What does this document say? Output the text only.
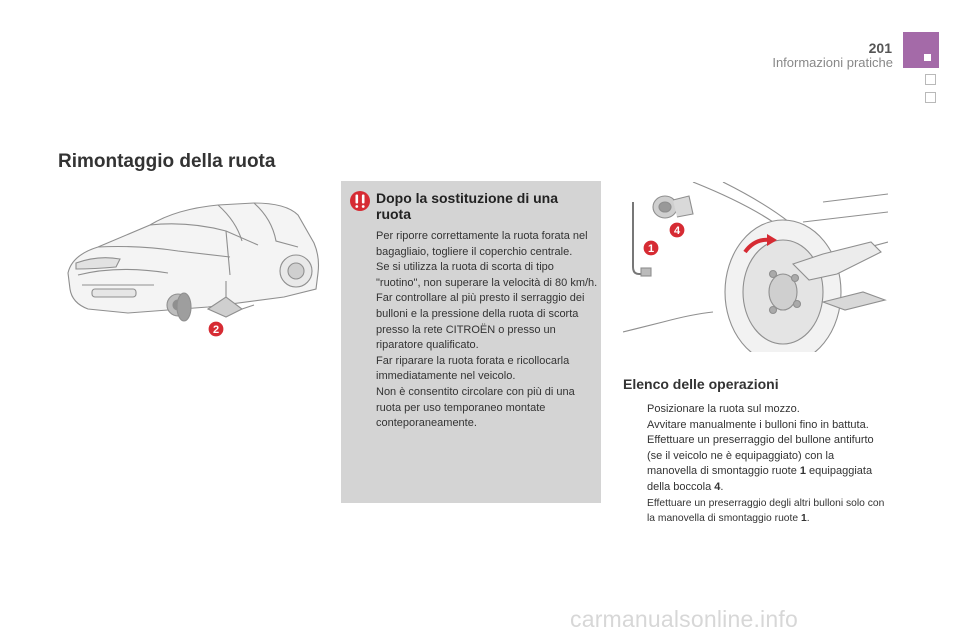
201
Informazioni pratiche
Rimontaggio della ruota
2
Dopo la sostituzione di una ruota

Per riporre correttamente la ruota forata nel bagagliaio, togliere il coperchio centrale.

Se si utilizza la ruota di scorta di tipo "ruotino", non superare la velocità di 80 km/h.

Far controllare al più presto il serraggio dei bulloni e la pressione della ruota di scorta presso la rete CITROËN o presso un riparatore qualificato.

Far riparare la ruota forata e ricollocarla immediatamente nel veicolo.

Non è consentito circolare con più di una ruota per uso temporaneo montate conteporaneamente.

1
4
Elenco delle operazioni
Posizionare la ruota sul mozzo.
Avvitare manualmente i bulloni fino in battuta.
Effettuare un preserraggio del bullone antifurto (se il veicolo ne è equipaggiato) con la manovella di smontaggio ruote 1 equipaggiata della boccola 4.
Effettuare un preserraggio degli altri bulloni solo con la manovella di smontaggio ruote 1.
carmanualsonline.info
